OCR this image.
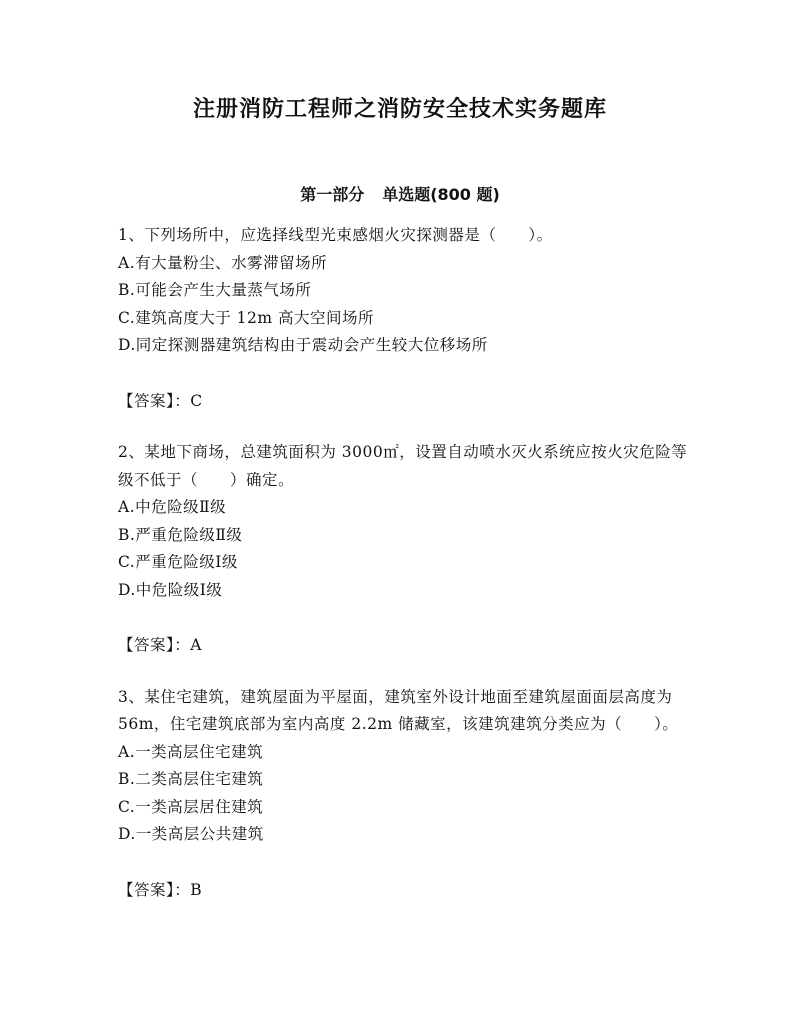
注册消防工程师之消防安全技术实务题库
第一部分 单选题(800 题)

1、下列场所中，应选择线型光束感烟火灾探测器是（　　）。

A.有大量粉尘、水雾滞留场所

B.可能会产生大量蒸气场所

C.建筑高度大于 12m 高大空间场所

D.同定探测器建筑结构由于震动会产生较大位移场所

【答案】：C

2、某地下商场，总建筑面积为 3000㎡，设置自动喷水灭火系统应按火灾危险等级不低于（　　）确定。

A.中危险级Ⅱ级

B.严重危险级Ⅱ级

C.严重危险级Ⅰ级

D.中危险级Ⅰ级

【答案】：A

3、某住宅建筑，建筑屋面为平屋面，建筑室外设计地面至建筑屋面面层高度为 56m，住宅建筑底部为室内高度 2.2m 储藏室，该建筑建筑分类应为（　　）。

A.一类高层住宅建筑

B.二类高层住宅建筑

C.一类高层居住建筑

D.一类高层公共建筑

【答案】：B
